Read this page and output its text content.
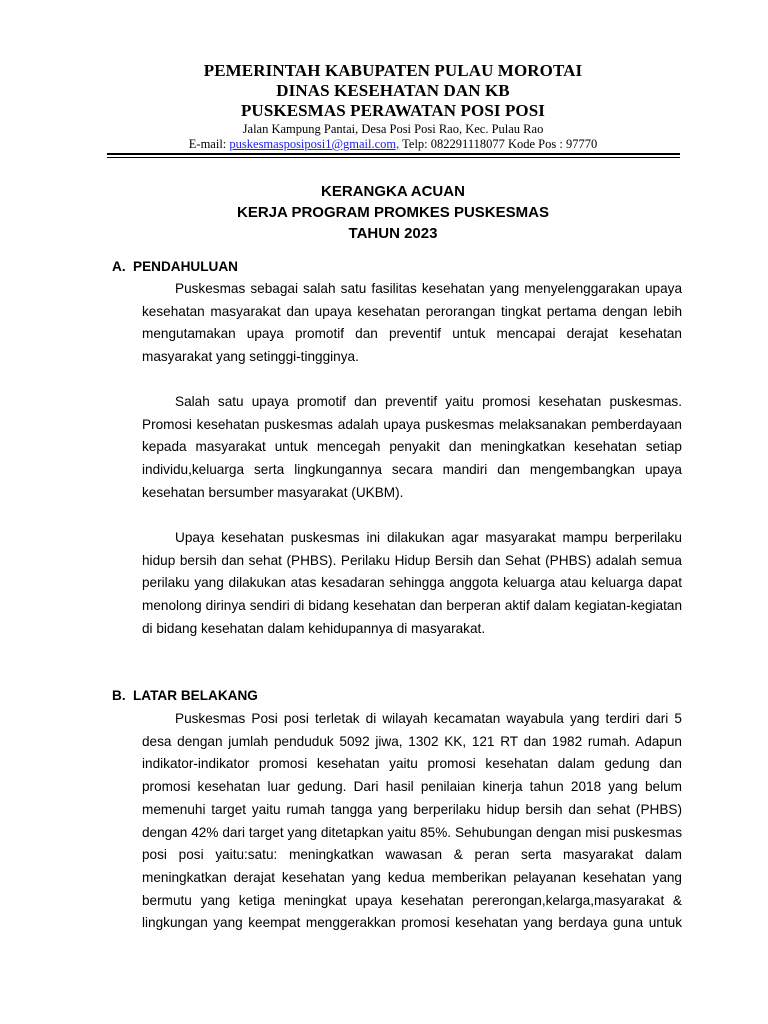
PEMERINTAH KABUPATEN PULAU MOROTAI
DINAS KESEHATAN DAN KB
PUSKESMAS PERAWATAN POSI POSI
Jalan Kampung Pantai, Desa Posi Posi Rao, Kec. Pulau Rao
E-mail: puskesmasposiposi1@gmail.com, Telp: 082291118077 Kode Pos : 97770
KERANGKA ACUAN
KERJA PROGRAM PROMKES PUSKESMAS
TAHUN 2023
A. PENDAHULUAN

Puskesmas sebagai salah satu fasilitas kesehatan yang menyelenggarakan upaya kesehatan masyarakat dan upaya kesehatan perorangan tingkat pertama dengan lebih mengutamakan upaya promotif dan preventif untuk mencapai derajat kesehatan masyarakat yang setinggi-tingginya.

Salah satu upaya promotif dan preventif yaitu promosi kesehatan puskesmas. Promosi kesehatan puskesmas adalah upaya puskesmas melaksanakan pemberdayaan kepada masyarakat untuk mencegah penyakit dan meningkatkan kesehatan setiap individu,keluarga serta lingkungannya secara mandiri dan mengembangkan upaya kesehatan bersumber masyarakat (UKBM).

Upaya kesehatan puskesmas ini dilakukan agar masyarakat mampu berperilaku hidup bersih dan sehat (PHBS). Perilaku Hidup Bersih dan Sehat (PHBS) adalah semua perilaku yang dilakukan atas kesadaran sehingga anggota keluarga atau keluarga dapat menolong dirinya sendiri di bidang kesehatan dan berperan aktif dalam kegiatan-kegiatan di bidang kesehatan dalam kehidupannya di masyarakat.

B. LATAR BELAKANG

Puskesmas Posi posi terletak di wilayah kecamatan wayabula yang terdiri dari 5 desa dengan jumlah penduduk 5092 jiwa, 1302 KK, 121 RT dan 1982 rumah. Adapun indikator-indikator promosi kesehatan yaitu promosi kesehatan dalam gedung dan promosi kesehatan luar gedung. Dari hasil penilaian kinerja tahun 2018 yang belum memenuhi target yaitu rumah tangga yang berperilaku hidup bersih dan sehat (PHBS) dengan 42% dari target yang ditetapkan yaitu 85%. Sehubungan dengan misi puskesmas posi posi yaitu:satu: meningkatkan wawasan & peran serta masyarakat dalam meningkatkan derajat kesehatan yang kedua memberikan pelayanan kesehatan yang bermutu yang ketiga meningkat upaya kesehatan pererongan,kelarga,masyarakat & lingkungan yang keempat menggerakkan promosi kesehatan yang berdaya guna untuk
